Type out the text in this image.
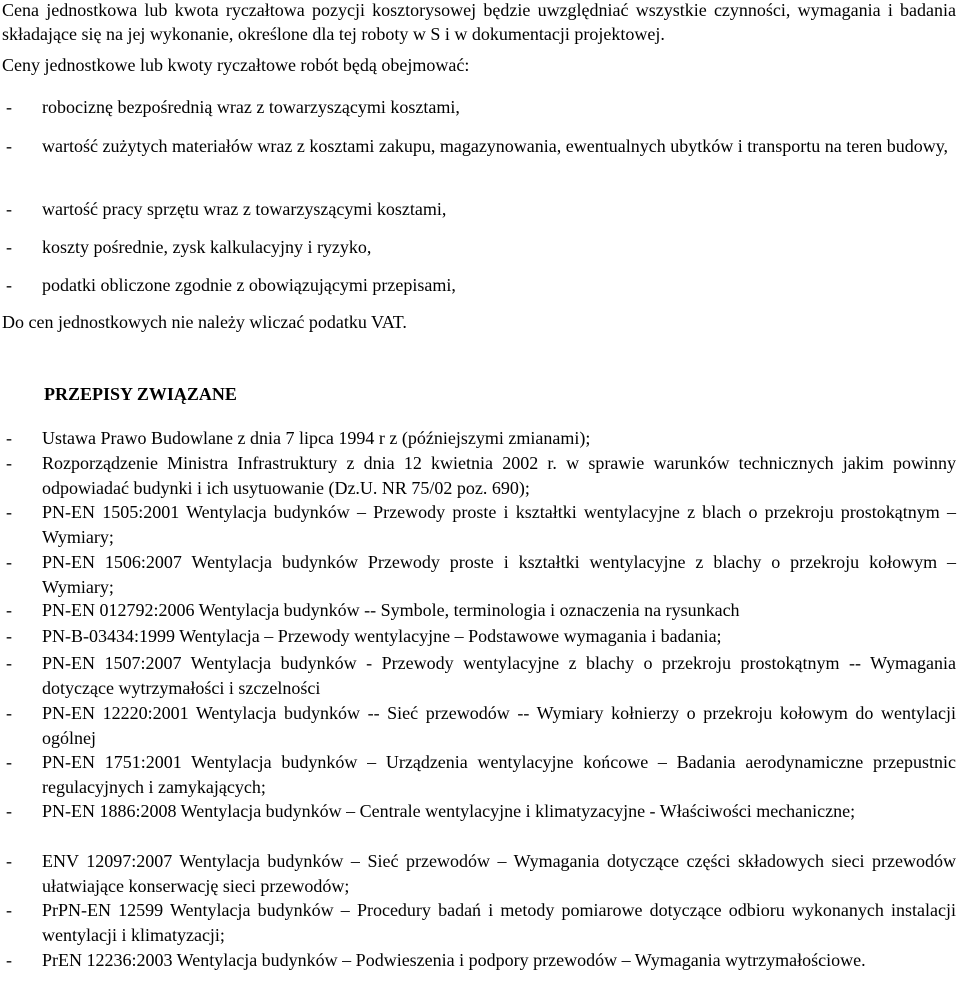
Cena jednostkowa lub kwota ryczałtowa pozycji kosztorysowej będzie uwzględniać wszystkie czynności, wymagania i badania składające się na jej wykonanie, określone dla tej roboty w S i w dokumentacji projektowej.

Ceny jednostkowe lub kwoty ryczałtowe robót będą obejmować:

-	robociznę bezpośrednią wraz z towarzyszącymi kosztami,

-	wartość zużytych materiałów wraz z kosztami zakupu, magazynowania, ewentualnych ubytków i transportu na teren budowy,

-	wartość pracy sprzętu wraz z towarzyszącymi kosztami,

-	koszty pośrednie, zysk kalkulacyjny i ryzyko,

-	podatki obliczone zgodnie z obowiązującymi przepisami,

Do cen jednostkowych nie należy wliczać podatku VAT.

PRZEPISY ZWIĄZANE

-	Ustawa Prawo Budowlane z dnia 7 lipca 1994 r z (późniejszymi zmianami);

-	Rozporządzenie Ministra Infrastruktury z dnia 12 kwietnia 2002 r. w sprawie warunków technicznych jakim powinny odpowiadać budynki i ich usytuowanie (Dz.U. NR 75/02 poz. 690);

-	PN-EN 1505:2001 Wentylacja budynków – Przewody proste i kształtki wentylacyjne z blach o przekroju prostokątnym – Wymiary;

-	PN-EN 1506:2007 Wentylacja budynków Przewody proste i kształtki wentylacyjne z blachy o przekroju kołowym – Wymiary;

-	PN-EN 012792:2006 Wentylacja budynków -- Symbole, terminologia i oznaczenia na rysunkach

-	PN-B-03434:1999 Wentylacja – Przewody wentylacyjne – Podstawowe wymagania i badania;

-	PN-EN 1507:2007 Wentylacja budynków - Przewody wentylacyjne z blachy o przekroju prostokątnym -- Wymagania dotyczące wytrzymałości i szczelności

-	PN-EN 12220:2001 Wentylacja budynków -- Sieć przewodów -- Wymiary kołnierzy o przekroju kołowym do wentylacji ogólnej

-	PN-EN 1751:2001 Wentylacja budynków – Urządzenia wentylacyjne końcowe – Badania aerodynamiczne przepustnic regulacyjnych i zamykających;

-	PN-EN 1886:2008 Wentylacja budynków – Centrale wentylacyjne i klimatyzacyjne - Właściwości mechaniczne;

-	ENV 12097:2007 Wentylacja budynków – Sieć przewodów – Wymagania dotyczące części składowych sieci przewodów ułatwiające konserwację sieci przewodów;

-	PrPN-EN 12599 Wentylacja budynków – Procedury badań i metody pomiarowe dotyczące odbioru wykonanych instalacji wentylacji i klimatyzacji;

-	PrEN 12236:2003 Wentylacja budynków – Podwieszenia i podpory przewodów – Wymagania wytrzymałościowe.
